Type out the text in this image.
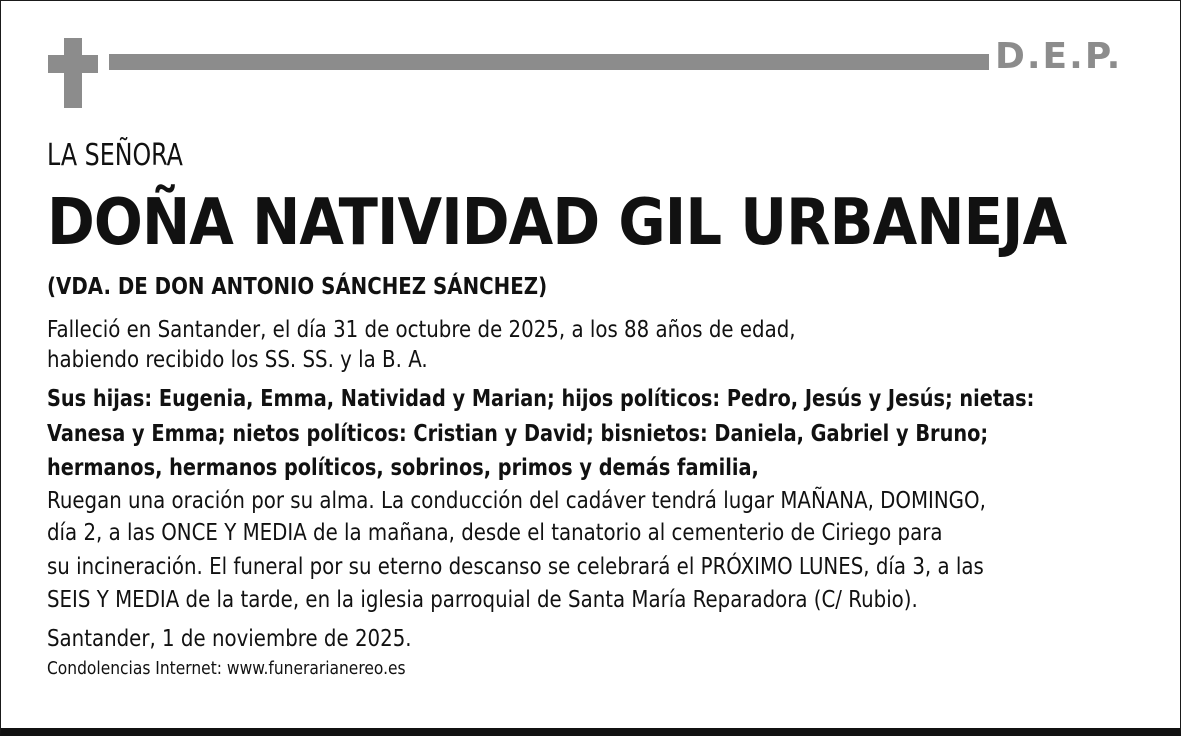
D.E.P.
LA SEÑORA
DOÑA NATIVIDAD GIL URBANEJA
(VDA. DE DON ANTONIO SÁNCHEZ SÁNCHEZ)
Falleció en Santander, el día 31 de octubre de 2025, a los 88 años de edad,
habiendo recibido los SS. SS. y la B. A.
Sus hijas: Eugenia, Emma, Natividad y Marian; hijos políticos: Pedro, Jesús y Jesús; nietas:
Vanesa y Emma; nietos políticos: Cristian y David; bisnietos: Daniela, Gabriel y Bruno;
hermanos, hermanos políticos, sobrinos, primos y demás familia,
Ruegan una oración por su alma. La conducción del cadáver tendrá lugar MAÑANA, DOMINGO,
día 2, a las ONCE Y MEDIA de la mañana, desde el tanatorio al cementerio de Ciriego para
su incineración. El funeral por su eterno descanso se celebrará el PRÓXIMO LUNES, día 3, a las
SEIS Y MEDIA de la tarde, en la iglesia parroquial de Santa María Reparadora (C/ Rubio).
Santander, 1 de noviembre de 2025.
Condolencias Internet: www.funerarianereo.es
